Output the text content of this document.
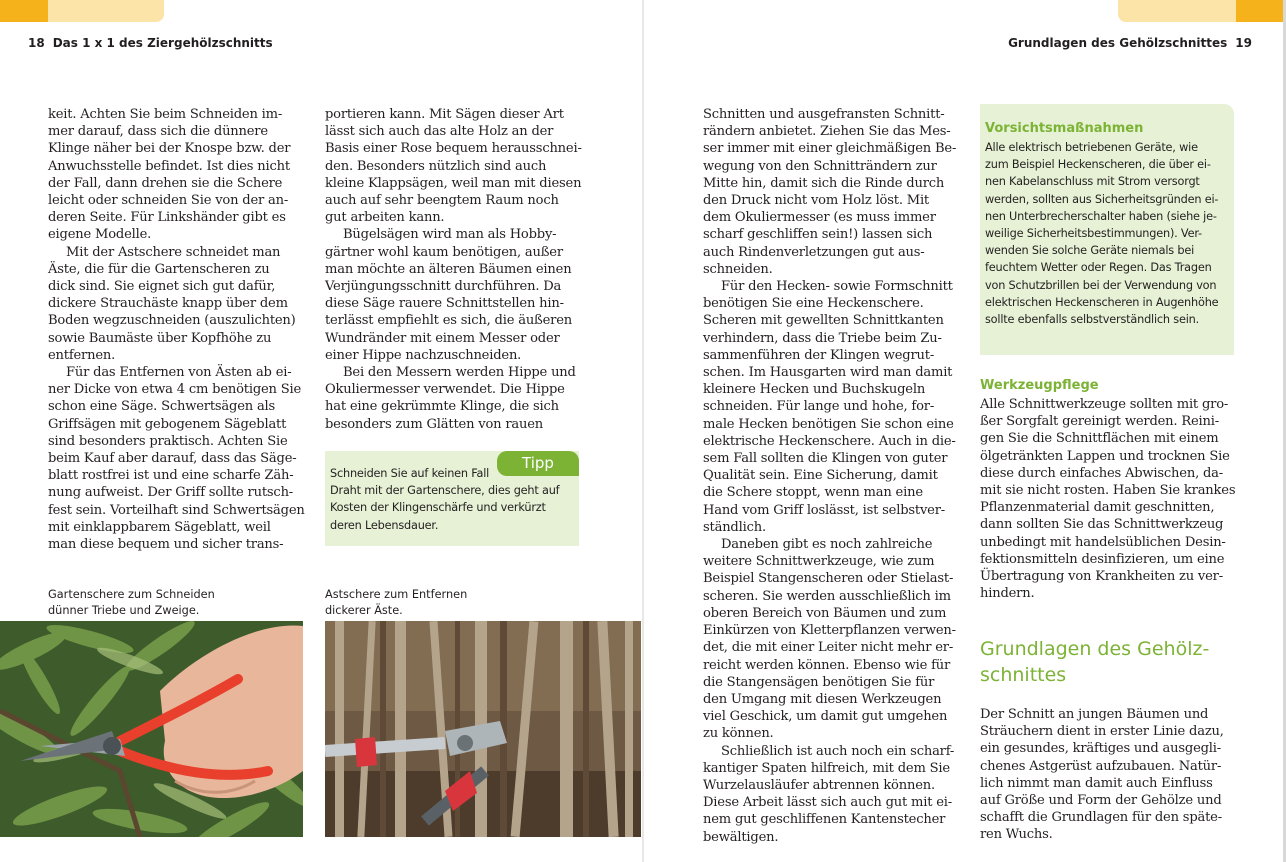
18 Das 1 x 1 des Ziergehölzschnitts	Grundlagen des Gehölzschnittes 19
keit. Achten Sie beim Schneiden im-
mer darauf, dass sich die dünnere
Klinge näher bei der Knospe bzw. der
Anwuchsstelle befindet. Ist dies nicht
der Fall, dann drehen sie die Schere
leicht oder schneiden Sie von der an-
deren Seite. Für Linkshänder gibt es
eigene Modelle.
Mit der Astschere schneidet man
Äste, die für die Gartenscheren zu
dick sind. Sie eignet sich gut dafür,
dickere Strauchäste knapp über dem
Boden wegzuschneiden (auszulichten)
sowie Baumäste über Kopfhöhe zu
entfernen.
Für das Entfernen von Ästen ab ei-
ner Dicke von etwa 4 cm benötigen Sie
schon eine Säge. Schwertsägen als
Griffsägen mit gebogenem Sägeblatt
sind besonders praktisch. Achten Sie
beim Kauf aber darauf, dass das Säge-
blatt rostfrei ist und eine scharfe Zäh-
nung aufweist. Der Griff sollte rutsch-
fest sein. Vorteilhaft sind Schwertsägen
mit einklappbarem Sägeblatt, weil
man diese bequem und sicher trans-
portieren kann. Mit Sägen dieser Art
lässt sich auch das alte Holz an der
Basis einer Rose bequem herausschnei-
den. Besonders nützlich sind auch
kleine Klappsägen, weil man mit diesen
auch auf sehr beengtem Raum noch
gut arbeiten kann.
Bügelsägen wird man als Hobby-
gärtner wohl kaum benötigen, außer
man möchte an älteren Bäumen einen
Verjüngungsschnitt durchführen. Da
diese Säge rauere Schnittstellen hin-
terlässt empfiehlt es sich, die äußeren
Wundränder mit einem Messer oder
einer Hippe nachzuschneiden.
Bei den Messern werden Hippe und
Okuliermesser verwendet. Die Hippe
hat eine gekrümmte Klinge, die sich
besonders zum Glätten von rauen
Tipp
Schneiden Sie auf keinen Fall
Draht mit der Gartenschere, dies geht auf
Kosten der Klingenschärfe und verkürzt
deren Lebensdauer.
Gartenschere zum Schneiden
dünner Triebe und Zweige.
Astschere zum Entfernen
dickerer Äste.
Schnitten und ausgefransten Schnitt-
rändern anbietet. Ziehen Sie das Mes-
ser immer mit einer gleichmäßigen Be-
wegung von den Schnitträndern zur
Mitte hin, damit sich die Rinde durch
den Druck nicht vom Holz löst. Mit
dem Okuliermesser (es muss immer
scharf geschliffen sein!) lassen sich
auch Rindenverletzungen gut aus-
schneiden.
Für den Hecken- sowie Formschnitt
benötigen Sie eine Heckenschere.
Scheren mit gewellten Schnittkanten
verhindern, dass die Triebe beim Zu-
sammenführen der Klingen wegrut-
schen. Im Hausgarten wird man damit
kleinere Hecken und Buchskugeln
schneiden. Für lange und hohe, for-
male Hecken benötigen Sie schon eine
elektrische Heckenschere. Auch in die-
sem Fall sollten die Klingen von guter
Qualität sein. Eine Sicherung, damit
die Schere stoppt, wenn man eine
Hand vom Griff loslässt, ist selbstver-
ständlich.
Daneben gibt es noch zahlreiche
weitere Schnittwerkzeuge, wie zum
Beispiel Stangenscheren oder Stielast-
scheren. Sie werden ausschließlich im
oberen Bereich von Bäumen und zum
Einkürzen von Kletterpflanzen verwen-
det, die mit einer Leiter nicht mehr er-
reicht werden können. Ebenso wie für
die Stangensägen benötigen Sie für
den Umgang mit diesen Werkzeugen
viel Geschick, um damit gut umgehen
zu können.
Schließlich ist auch noch ein scharf-
kantiger Spaten hilfreich, mit dem Sie
Wurzelausläufer abtrennen können.
Diese Arbeit lässt sich auch gut mit ei-
nem gut geschliffenen Kantenstecher
bewältigen.
Vorsichtsmaßnahmen
Alle elektrisch betriebenen Geräte, wie
zum Beispiel Heckenscheren, die über ei-
nen Kabelanschluss mit Strom versorgt
werden, sollten aus Sicherheitsgründen ei-
nen Unterbrecherschalter haben (siehe je-
weilige Sicherheitsbestimmungen). Ver-
wenden Sie solche Geräte niemals bei
feuchtem Wetter oder Regen. Das Tragen
von Schutzbrillen bei der Verwendung von
elektrischen Heckenscheren in Augenhöhe
sollte ebenfalls selbstverständlich sein.
Werkzeugpflege
Alle Schnittwerkzeuge sollten mit gro-
ßer Sorgfalt gereinigt werden. Reini-
gen Sie die Schnittflächen mit einem
ölgetränkten Lappen und trocknen Sie
diese durch einfaches Abwischen, da-
mit sie nicht rosten. Haben Sie krankes
Pflanzenmaterial damit geschnitten,
dann sollten Sie das Schnittwerkzeug
unbedingt mit handelsüblichen Desin-
fektionsmitteln desinfizieren, um eine
Übertragung von Krankheiten zu ver-
hindern.
Grundlagen des Gehölz-
schnittes
Der Schnitt an jungen Bäumen und
Sträuchern dient in erster Linie dazu,
ein gesundes, kräftiges und ausgegli-
chenes Astgerüst aufzubauen. Natür-
lich nimmt man damit auch Einfluss
auf Größe und Form der Gehölze und
schafft die Grundlagen für den späte-
ren Wuchs.
